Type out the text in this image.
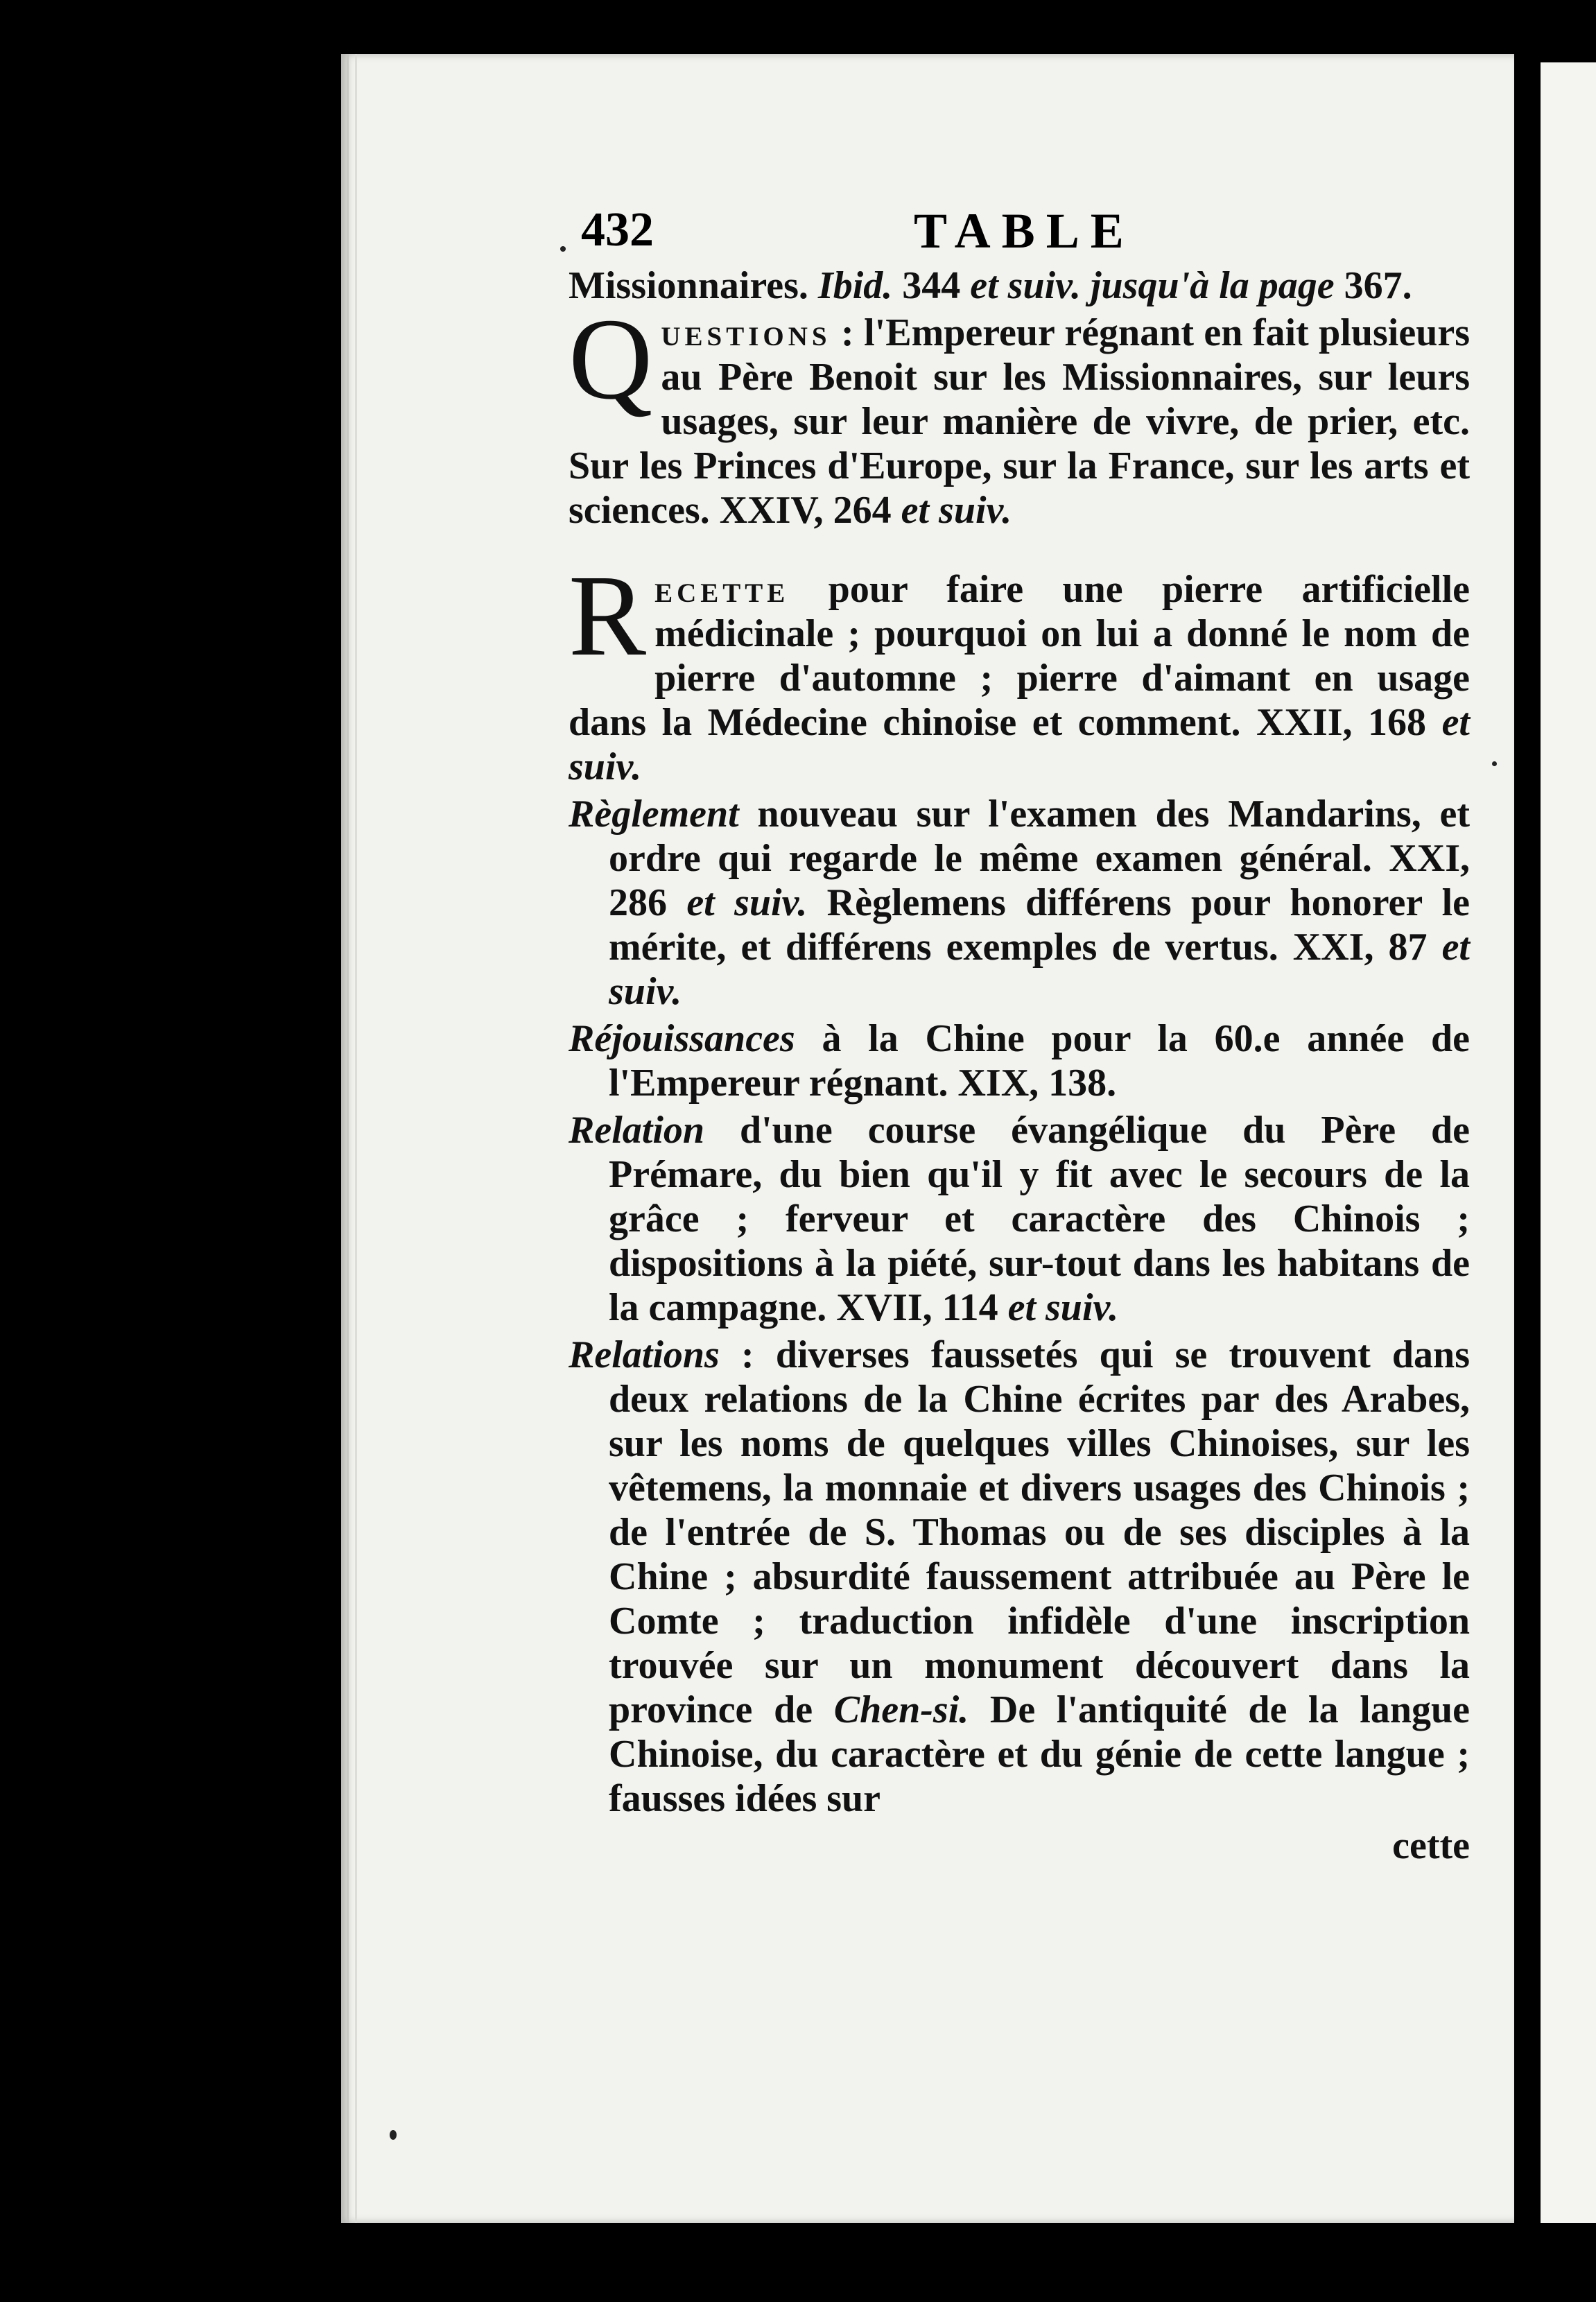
432	TABLE

Missionnaires. Ibid. 344 et suiv. jusqu'à la page 367.

Questions : l'Empereur régnant en fait plusieurs au Père Benoit sur les Missionnaires, sur leurs usages, sur leur manière de vivre, de prier, etc. Sur les Princes d'Europe, sur la France, sur les arts et sciences. XXIV, 264 et suiv.

Recette pour faire une pierre artificielle médicinale ; pourquoi on lui a donné le nom de pierre d'automne ; pierre d'aimant en usage dans la Médecine chinoise et comment. XXII, 168 et suiv.

Règlement nouveau sur l'examen des Mandarins, et ordre qui regarde le même examen général. XXI, 286 et suiv. Règlemens différens pour honorer le mérite, et différens exemples de vertus. XXI, 87 et suiv.

Réjouissances à la Chine pour la 60.e année de l'Empereur régnant. XIX, 138.

Relation d'une course évangélique du Père de Prémare, du bien qu'il y fit avec le secours de la grâce ; ferveur et caractère des Chinois ; dispositions à la piété, sur-tout dans les habitans de la campagne. XVII, 114 et suiv.

Relations : diverses faussetés qui se trouvent dans deux relations de la Chine écrites par des Arabes, sur les noms de quelques villes Chinoises, sur les vêtemens, la monnaie et divers usages des Chinois ; de l'entrée de S. Thomas ou de ses disciples à la Chine ; absurdité faussement attribuée au Père le Comte ; traduction infidèle d'une inscription trouvée sur un monument découvert dans la province de Chen-si. De l'antiquité de la langue Chinoise, du caractère et du génie de cette langue ; fausses idées sur

cette
